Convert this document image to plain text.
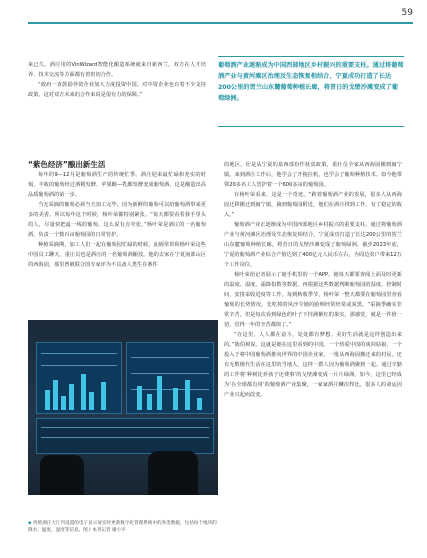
59

来已久。酒庄用的VinWizard智能化酿造系统就来自新西兰。双方在人才培养、技术交流等方面都有着密切合作。

“政府一直鼓励外资企业加大力度投资中国。对中资企业也有着不少支持政策。这对双方未来的合作来说是很有力的保障。”

葡萄酒产业逐渐成为中国西部地区乡村振兴的重要支柱。通过将葡萄酒产业与黄河滩区治理及生态恢复相结合，宁夏成功打造了长达200公里的贺兰山东麓葡萄种植长廊，将昔日的戈壁沙滩变成了葡萄绿洲。

“紫色经济”酿出新生活

每年的9—12月是葡萄酒生产的传统忙季。酒庄迎来最忙碌和充实的时刻，丰收的葡萄经过酒精发酵、苹果酸—乳酸发酵变成葡萄酒。这是酿造出高品质葡萄酒的第一步。

当无采摘的葡萄必须当天加工完毕，因为新鲜的葡萄可以给葡萄酒带来更多的美香。所以每年这个时候，杨叶荣都特别紧张。“每天都要看着我手里头的人，尽量快把最一线的葡萄，这么说有点夸张。”杨叶荣是酒庄的一名葡萄酒。负责一个数百亩葡萄园的日常管护。

种植采摘期，加工人们一起在葡萄园忙碌的时候，汕姆常常和杨叶荣这些中国员工聊天。重庄员也是酒庄的一名葡萄酒酿技。他的去家在宁夏南部山区的西海固，那里曾被联合国专家评为不具备人类生存条件

的地区。壮是从宁夏的泉西部份作抚贫政策，重壮员全家从西海固搬到闽宁镇。来到酒庄工作后，他学会了开拖拉机，也学会了葡萄种植技术。如今他带领20多名工人管护着一个600多亩的葡萄园。

在杨叶荣看来，这是一个奇迹。“跨着葡萄酒产业的发展，很多人从西海固迁移搬迁到闽宁镇，摘到葡萄园附近，他们在酒庄找到工作，有了稳定的收入。”

葡萄酒产业正逐渐成为中国西部地区乡村振兴的重要支柱。通过将葡萄酒产业与黄河滩区治理及生态恢复相结合，宁夏成功打造了长达200公里的贺兰山东麓葡萄种植长廊，将昔日的戈壁沙滩变成了葡萄绿洲。截至2023年底，宁夏的葡萄酒产业综合产值达到了400亿元人民币左右，为周边农户带来12万个工作岗位。

杨叶荣给记者展示了她手机里的一个APP。她每天都要查阅上面及时更新的温度、湿度、霜降指数等数据，再根据这些数据判断葡萄园的湿度、控制时间，安排采收进度等工作。每到秋收季节，杨叶荣一整天都要在葡萄园里查看葡萄的长势情况，先吃掉的风沙令她的脸颊经常经常或炭黑。“采摘季确实非常辛苦，但是每次看到绿色的叶子下挂满紫红的果实，那感觉，就是一件值一切，觉得一年的辛苦都值了。”

“在这里，人人都在奋斗，处处都有梦想。美好生活就是这样创造出来的。”陈伯树说。这就是她在这里看到的中国。一个热爱中国的谈回姑娘、一个投入于将中国葡萄酒推向世界的中国企业家、一批从西海固搬迁来的村民，还有无数像代生活在这里的当地人，这样一群人因为葡萄酒聚到一起。通过辛勤的工作将‘种树比养孩子还费事’的戈壁滩变成一片片绿洲。如今，这里已经成为‘在全球都有用’的葡萄酒产业集聚，一家家酒庄鳞次栉比，很多人的命运因产业兴起而改变。

◆ 西班酒庄大厅内设置的电子显示屏实时更新数字化管理系统中的各类数据，包括每个地块的降水、温度、湿度等信息。图 / 本刊记者 谢小平
